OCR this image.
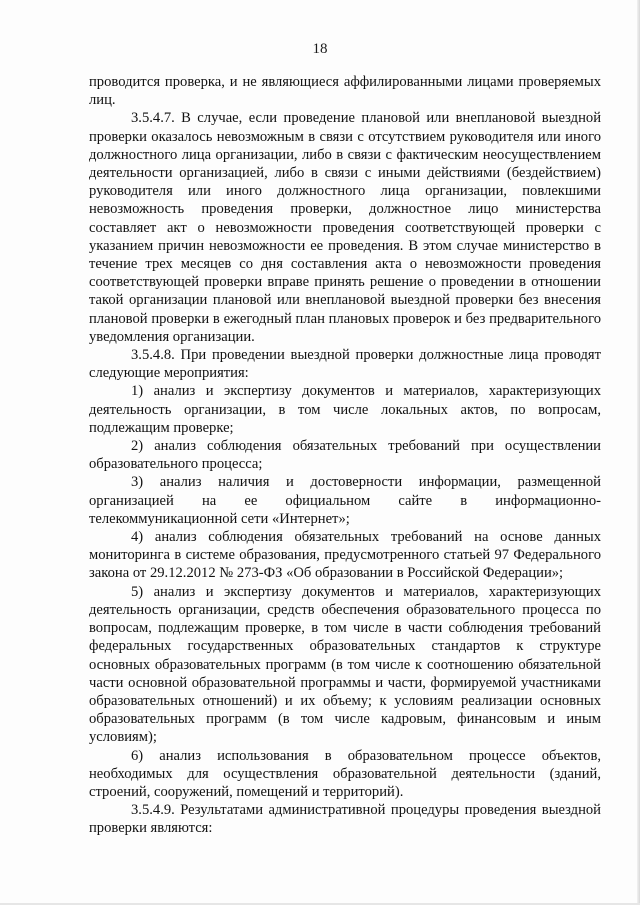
18

проводится проверка, и не являющиеся аффилированными лицами проверяемых лиц.

3.5.4.7. В случае, если проведение плановой или внеплановой выездной проверки оказалось невозможным в связи с отсутствием руководителя или иного должностного лица организации, либо в связи с фактическим неосуществлением деятельности организацией, либо в связи с иными действиями (бездействием) руководителя или иного должностного лица организации, повлекшими невозможность проведения проверки, должностное лицо министерства составляет акт о невозможности проведения соответствующей проверки с указанием причин невозможности ее проведения. В этом случае министерство в течение трех месяцев со дня составления акта о невозможности проведения соответствующей проверки вправе принять решение о проведении в отношении такой организации плановой или внеплановой выездной проверки без внесения плановой проверки в ежегодный план плановых проверок и без предварительного уведомления организации.

3.5.4.8. При проведении выездной проверки должностные лица проводят следующие мероприятия:

1) анализ и экспертизу документов и материалов, характеризующих деятельность организации, в том числе локальных актов, по вопросам, подлежащим проверке;

2) анализ соблюдения обязательных требований при осуществлении образовательного процесса;

3) анализ наличия и достоверности информации, размещенной организацией на ее официальном сайте в информационно-телекоммуникационной сети «Интернет»;

4) анализ соблюдения обязательных требований на основе данных мониторинга в системе образования, предусмотренного статьей 97 Федерального закона от 29.12.2012 № 273-ФЗ «Об образовании в Российской Федерации»;

5) анализ и экспертизу документов и материалов, характеризующих деятельность организации, средств обеспечения образовательного процесса по вопросам, подлежащим проверке, в том числе в части соблюдения требований федеральных государственных образовательных стандартов к структуре основных образовательных программ (в том числе к соотношению обязательной части основной образовательной программы и части, формируемой участниками образовательных отношений) и их объему; к условиям реализации основных образовательных программ (в том числе кадровым, финансовым и иным условиям);

6) анализ использования в образовательном процессе объектов, необходимых для осуществления образовательной деятельности (зданий, строений, сооружений, помещений и территорий).

3.5.4.9. Результатами административной процедуры проведения выездной проверки являются:
